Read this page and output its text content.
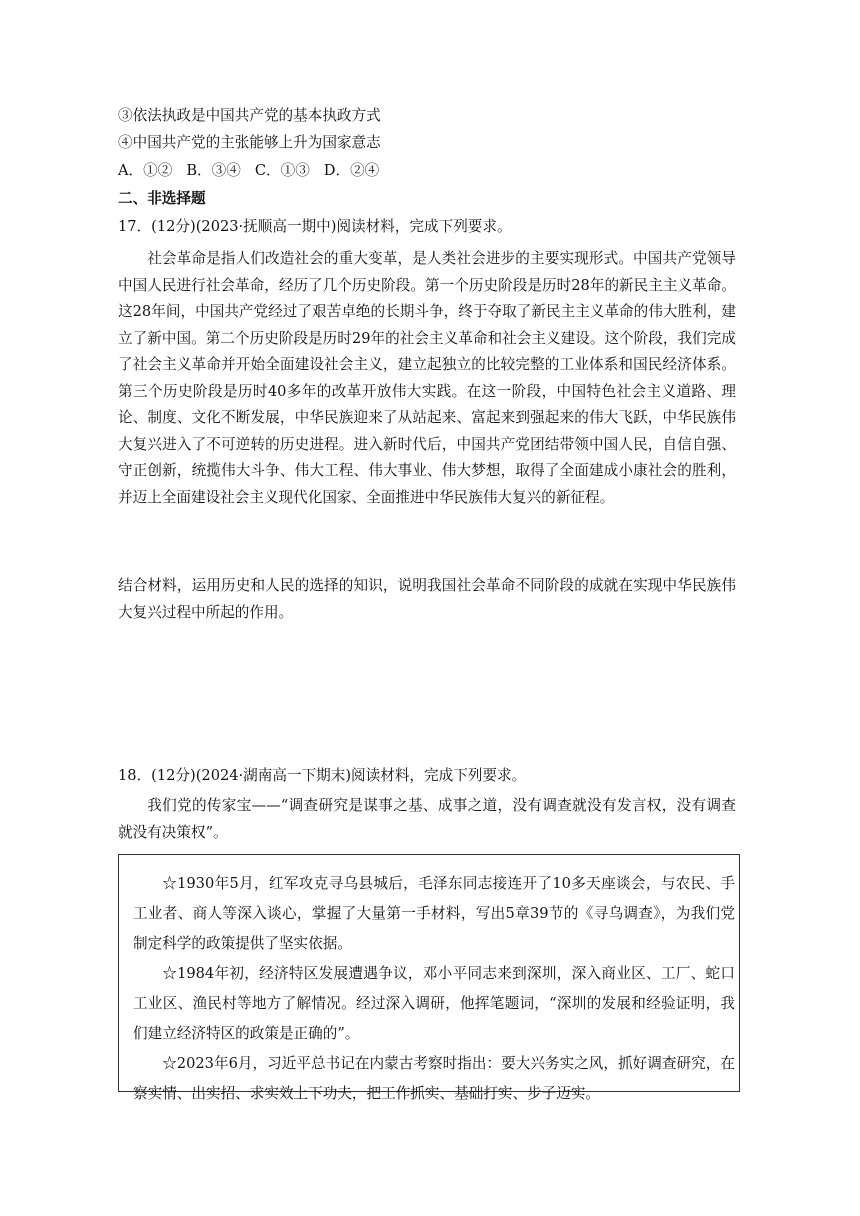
③依法执政是中国共产党的基本执政方式
④中国共产党的主张能够上升为国家意志
A．①② B．③④ C．①③ D．②④
二、非选择题
17．(12分)(2023·抚顺高一期中)阅读材料，完成下列要求。
社会革命是指人们改造社会的重大变革，是人类社会进步的主要实现形式。中国共产党领导中国人民进行社会革命，经历了几个历史阶段。第一个历史阶段是历时28年的新民主主义革命。这28年间，中国共产党经过了艰苦卓绝的长期斗争，终于夺取了新民主主义革命的伟大胜利，建立了新中国。第二个历史阶段是历时29年的社会主义革命和社会主义建设。这个阶段，我们完成了社会主义革命并开始全面建设社会主义，建立起独立的比较完整的工业体系和国民经济体系。第三个历史阶段是历时40多年的改革开放伟大实践。在这一阶段，中国特色社会主义道路、理论、制度、文化不断发展，中华民族迎来了从站起来、富起来到强起来的伟大飞跃，中华民族伟大复兴进入了不可逆转的历史进程。进入新时代后，中国共产党团结带领中国人民，自信自强、守正创新，统揽伟大斗争、伟大工程、伟大事业、伟大梦想，取得了全面建成小康社会的胜利，并迈上全面建设社会主义现代化国家、全面推进中华民族伟大复兴的新征程。
结合材料，运用历史和人民的选择的知识，说明我国社会革命不同阶段的成就在实现中华民族伟大复兴过程中所起的作用。
18．(12分)(2024·湖南高一下期末)阅读材料，完成下列要求。
我们党的传家宝——“调查研究是谋事之基、成事之道，没有调查就没有发言权，没有调查就没有决策权”。

☆1930年5月，红军攻克寻乌县城后，毛泽东同志接连开了10多天座谈会，与农民、手工业者、商人等深入谈心，掌握了大量第一手材料，写出5章39节的《寻乌调查》，为我们党制定科学的政策提供了坚实依据。

☆1984年初，经济特区发展遭遇争议，邓小平同志来到深圳，深入商业区、工厂、蛇口工业区、渔民村等地方了解情况。经过深入调研，他挥笔题词，“深圳的发展和经验证明，我们建立经济特区的政策是正确的”。

☆2023年6月，习近平总书记在内蒙古考察时指出：要大兴务实之风，抓好调查研究，在察实情、出实招、求实效上下功夫，把工作抓实、基础打实、步子迈实。
